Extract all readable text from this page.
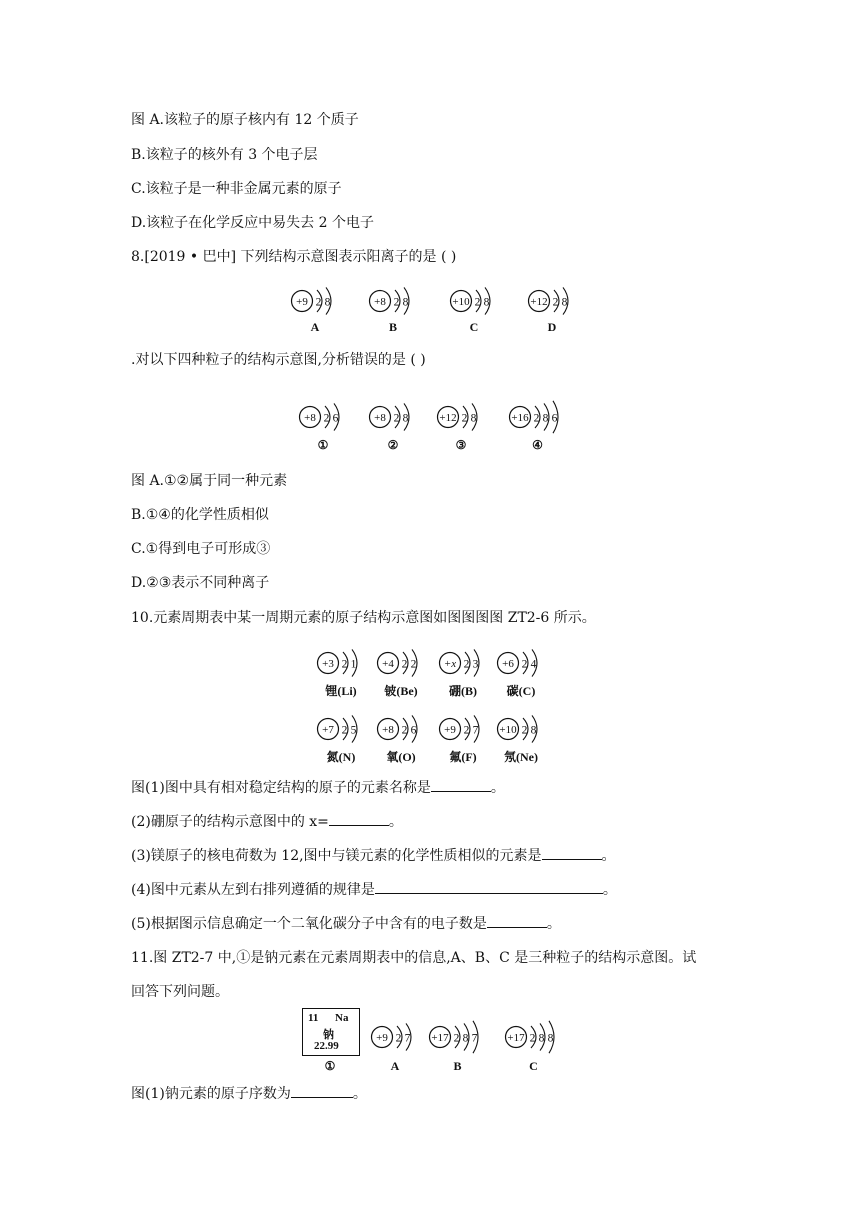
图 A.该粒子的原子核内有 12 个质子
B.该粒子的核外有 3 个电子层
C.该粒子是一种非金属元素的原子
D.该粒子在化学反应中易失去 2 个电子
8.[2019 • 巴中] 下列结构示意图表示阳离子的是 ( )
.对以下四种粒子的结构示意图,分析错误的是 ( )
图 A.①②属于同一种元素
B.①④的化学性质相似
C.①得到电子可形成③
D.②③表示不同种离子
10.元素周期表中某一周期元素的原子结构示意图如图图图图 ZT2-6 所示。
图(1)图中具有相对稳定结构的原子的元素名称是	。
(2)硼原子的结构示意图中的 x=	。
(3)镁原子的核电荷数为 12,图中与镁元素的化学性质相似的元素是	。
(4)图中元素从左到右排列遵循的规律是	。
(5)根据图示信息确定一个二氧化碳分子中含有的电子数是	。
11.图 ZT2-7 中,①是钠元素在元素周期表中的信息,A、B、C 是三种粒子的结构示意图。试
回答下列问题。
11 Na
钠
22.99
①
图(1)钠元素的原子序数为	。
+9 2 8
A
+8 2 8
B
+10 2 8
C
+12 2 8
D
+8 2 6
①
+8 2 8
②
+12 2 8
③
+16 2 8 6
④
+3 2 1
锂(Li)
+4 2 2
铍(Be)
+x 2 3
硼(B)
+6 2 4
碳(C)
+7 2 5
氮(N)
+8 2 6
氧(O)
+9 2 7
氟(F)
+10 2 8
氖(Ne)
+9 2 7
A
+17 2 8 7
B
+17 2 8 8
C
